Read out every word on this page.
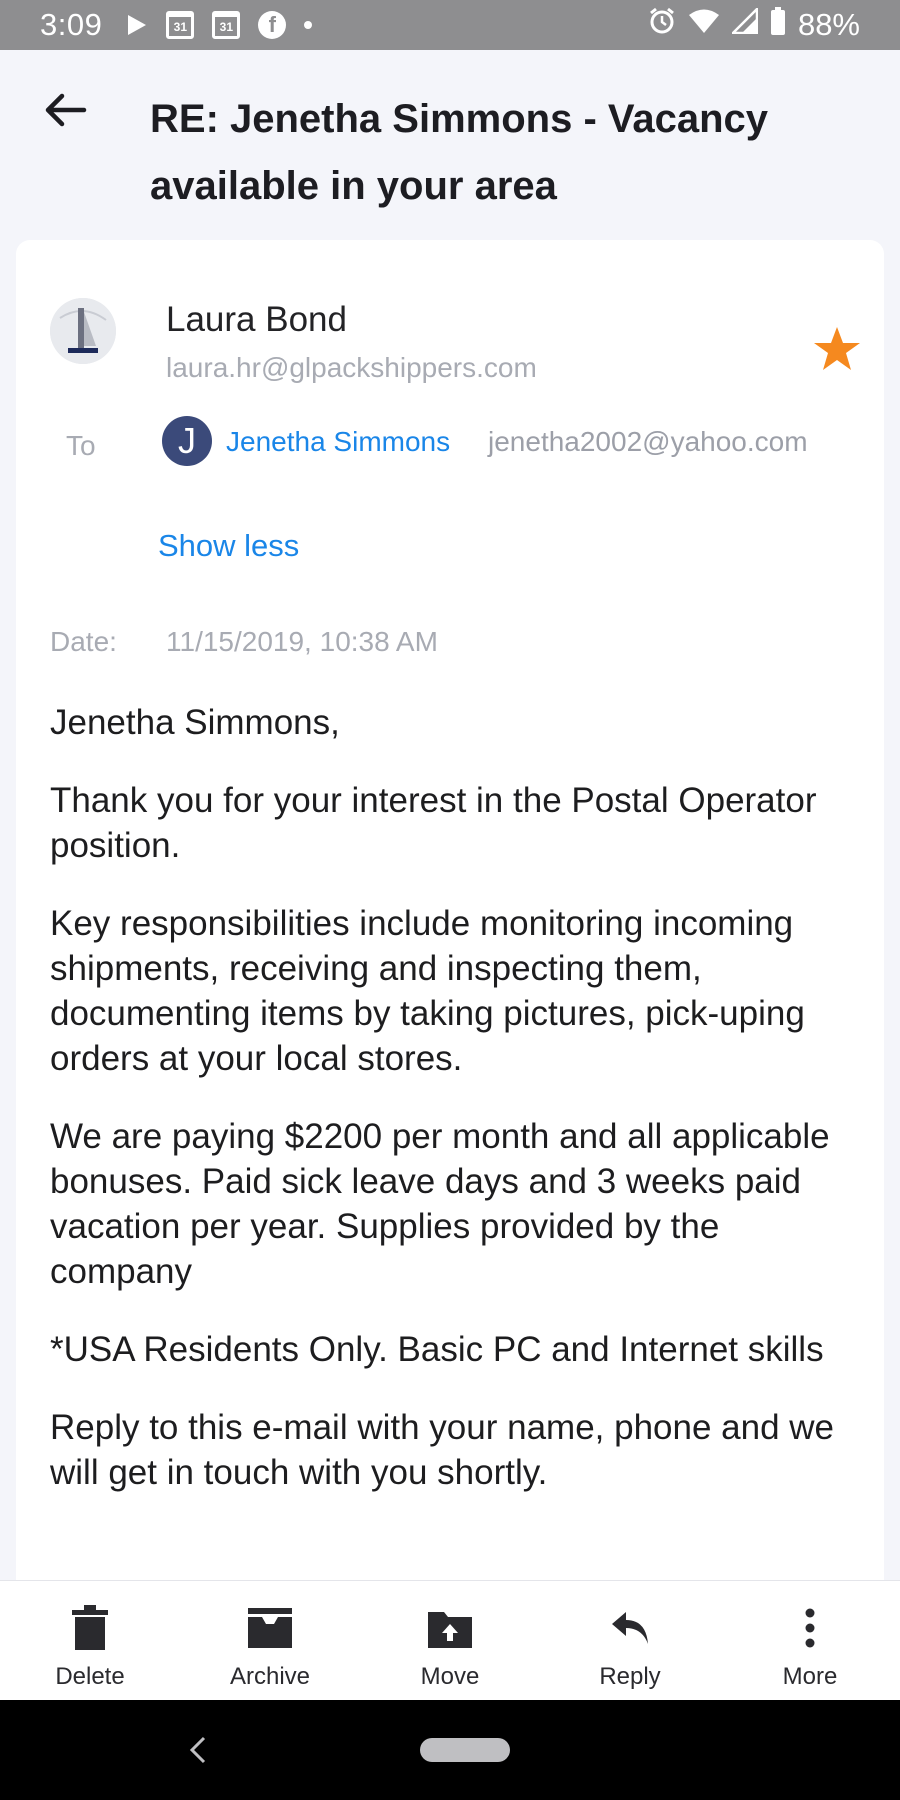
3:09	31	31	f	88%
RE: Jenetha Simmons - Vacancy available in your area
Laura Bond
laura.hr@glpackshippers.com
To	J	Jenetha Simmons jenetha2002@yahoo.com
Show less
Date: 11/15/2019, 10:38 AM

Jenetha Simmons,

Thank you for your interest in the Postal Operator position.

Key responsibilities include monitoring incoming shipments, receiving and inspecting them, documenting items by taking pictures, pick-uping orders at your local stores.

We are paying $2200 per month and all applicable bonuses. Paid sick leave days and 3 weeks paid vacation per year. Supplies provided by the company

*USA Residents Only. Basic PC and Internet skills

Reply to this e-mail with your name, phone and we will get in touch with you shortly.

Delete	Archive	Move	Reply	More
